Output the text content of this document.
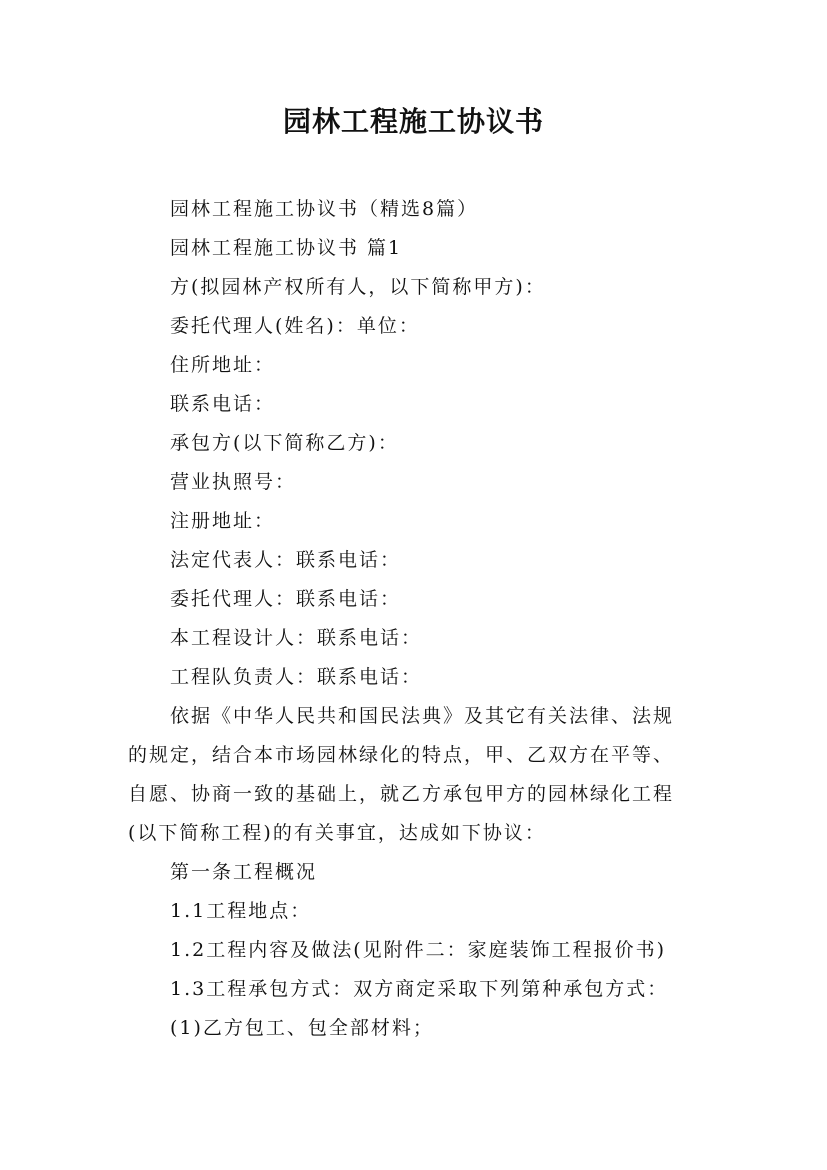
园林工程施工协议书

园林工程施工协议书（精选8篇）

园林工程施工协议书 篇1

方(拟园林产权所有人，以下简称甲方)：

委托代理人(姓名)：单位：

住所地址：

联系电话：

承包方(以下简称乙方)：

营业执照号：

注册地址：

法定代表人：联系电话：

委托代理人：联系电话：

本工程设计人：联系电话：

工程队负责人：联系电话：

依据《中华人民共和国民法典》及其它有关法律、法规
的规定，结合本市场园林绿化的特点，甲、乙双方在平等、
自愿、协商一致的基础上，就乙方承包甲方的园林绿化工程
(以下简称工程)的有关事宜，达成如下协议：

第一条工程概况

1.1工程地点：

1.2工程内容及做法(见附件二：家庭装饰工程报价书)

1.3工程承包方式：双方商定采取下列第种承包方式：

(1)乙方包工、包全部材料；
